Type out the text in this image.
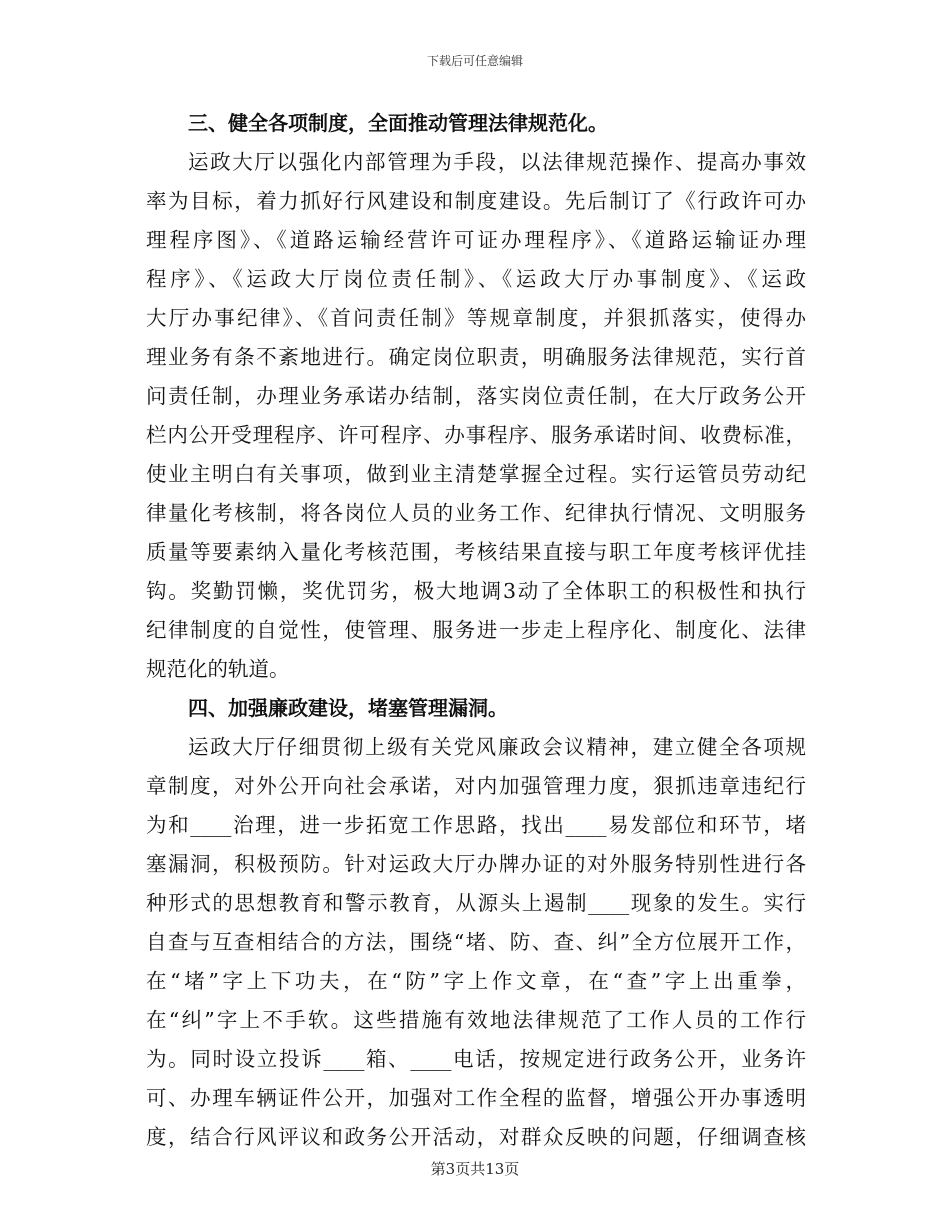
下载后可任意编辑
三、健全各项制度，全面推动管理法律规范化。
运政大厅以强化内部管理为手段，以法律规范操作、提高办事效
率为目标，着力抓好行风建设和制度建设。先后制订了《行政许可办
理程序图》、《道路运输经营许可证办理程序》、《道路运输证办理
程序》、《运政大厅岗位责任制》、《运政大厅办事制度》、《运政
大厅办事纪律》、《首问责任制》等规章制度，并狠抓落实，使得办
理业务有条不紊地进行。确定岗位职责，明确服务法律规范，实行首
问责任制，办理业务承诺办结制，落实岗位责任制，在大厅政务公开
栏内公开受理程序、许可程序、办事程序、服务承诺时间、收费标准，
使业主明白有关事项，做到业主清楚掌握全过程。实行运管员劳动纪
律量化考核制，将各岗位人员的业务工作、纪律执行情况、文明服务
质量等要素纳入量化考核范围，考核结果直接与职工年度考核评优挂
钩。奖勤罚懒，奖优罚劣，极大地调3动了全体职工的积极性和执行
纪律制度的自觉性，使管理、服务进一步走上程序化、制度化、法律
规范化的轨道。
四、加强廉政建设，堵塞管理漏洞。
运政大厅仔细贯彻上级有关党风廉政会议精神，建立健全各项规
章制度，对外公开向社会承诺，对内加强管理力度，狠抓违章违纪行
为和____治理，进一步拓宽工作思路，找出____易发部位和环节，堵
塞漏洞，积极预防。针对运政大厅办牌办证的对外服务特别性进行各
种形式的思想教育和警示教育，从源头上遏制____现象的发生。实行
自查与互查相结合的方法，围绕“堵、防、查、纠”全方位展开工作，
在“堵”字上下功夫，在“防”字上作文章，在“查”字上出重拳，
在“纠”字上不手软。这些措施有效地法律规范了工作人员的工作行
为。同时设立投诉____箱、____电话，按规定进行政务公开，业务许
可、办理车辆证件公开，加强对工作全程的监督，增强公开办事透明
度，结合行风评议和政务公开活动，对群众反映的问题，仔细调查核
第3页共13页
